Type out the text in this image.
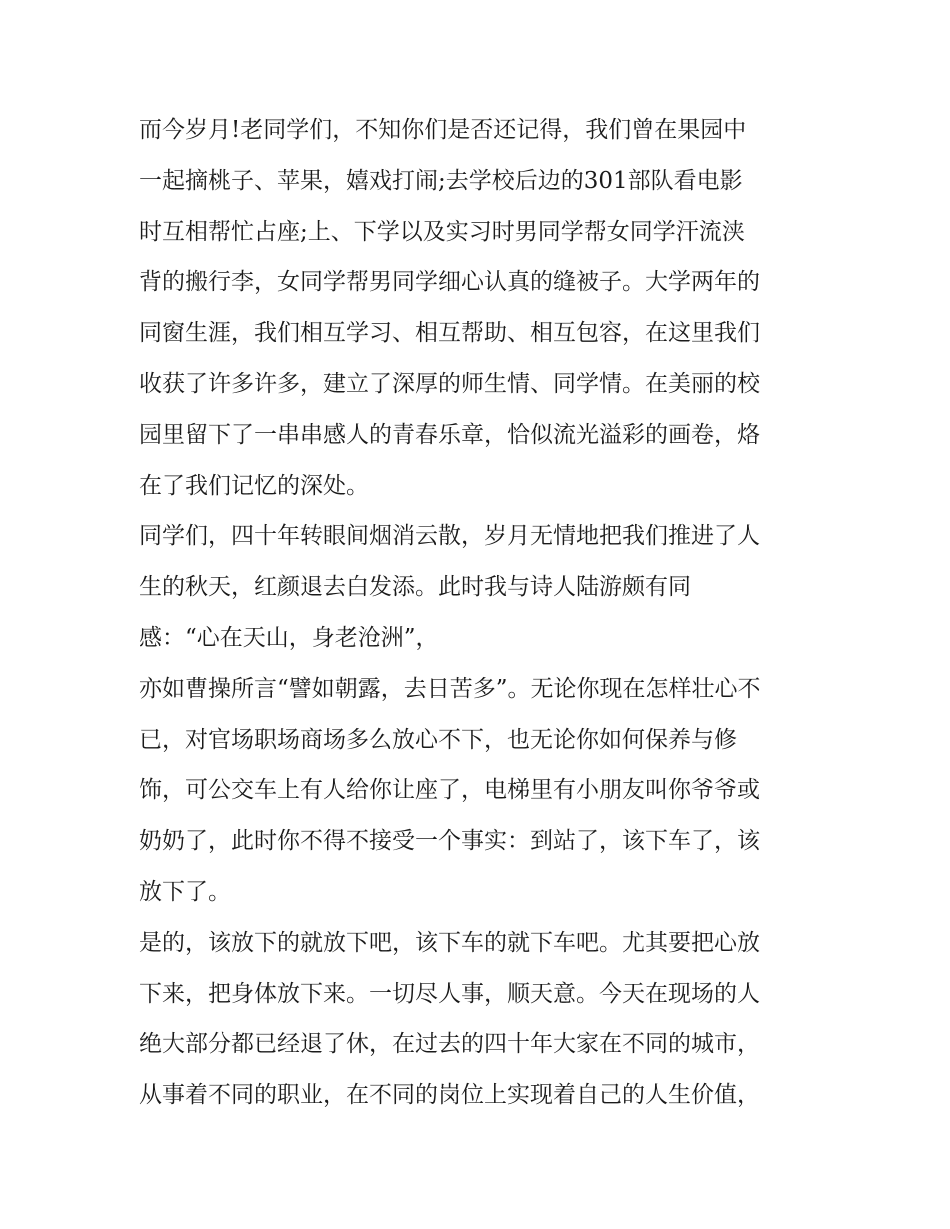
而今岁月!老同学们，不知你们是否还记得，我们曾在果园中
一起摘桃子、苹果，嬉戏打闹;去学校后边的301部队看电影
时互相帮忙占座;上、下学以及实习时男同学帮女同学汗流浃
背的搬行李，女同学帮男同学细心认真的缝被子。大学两年的
同窗生涯，我们相互学习、相互帮助、相互包容，在这里我们
收获了许多许多，建立了深厚的师生情、同学情。在美丽的校
园里留下了一串串感人的青春乐章，恰似流光溢彩的画卷，烙
在了我们记忆的深处。
同学们，四十年转眼间烟消云散，岁月无情地把我们推进了人
生的秋天，红颜退去白发添。此时我与诗人陆游颇有同
感：“心在天山，身老沧洲”，
亦如曹操所言“譬如朝露，去日苦多”。无论你现在怎样壮心不
已，对官场职场商场多么放心不下，也无论你如何保养与修
饰，可公交车上有人给你让座了，电梯里有小朋友叫你爷爷或
奶奶了，此时你不得不接受一个事实：到站了，该下车了，该
放下了。
是的，该放下的就放下吧，该下车的就下车吧。尤其要把心放
下来，把身体放下来。一切尽人事，顺天意。今天在现场的人
绝大部分都已经退了休，在过去的四十年大家在不同的城市，
从事着不同的职业，在不同的岗位上实现着自己的人生价值，
